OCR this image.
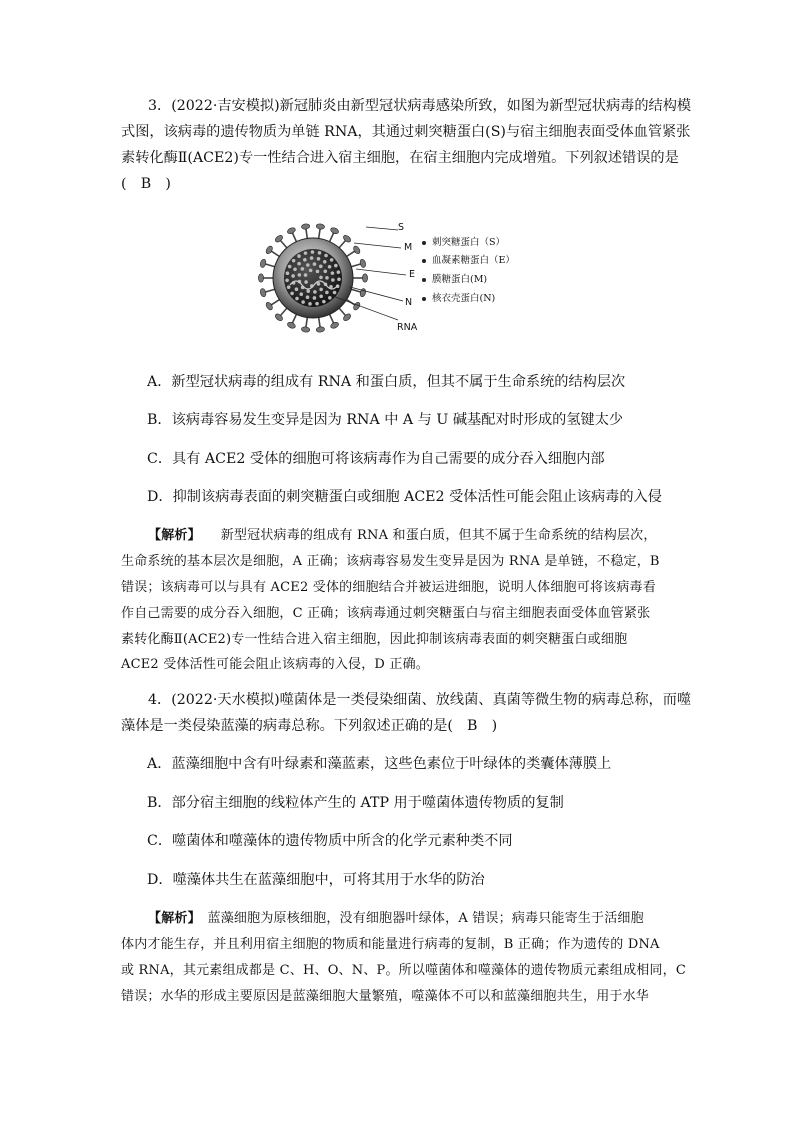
3．(2022·吉安模拟)新冠肺炎由新型冠状病毒感染所致，如图为新型冠状病毒的结构模
式图，该病毒的遗传物质为单链 RNA，其通过刺突糖蛋白(S)与宿主细胞表面受体血管紧张
素转化酶Ⅱ(ACE2)专一性结合进入宿主细胞，在宿主细胞内完成增殖。下列叙述错误的是
(　B　)
S
M
E
N
RNA
刺突糖蛋白（S）
血凝素糖蛋白（E）
膜糖蛋白(M)
核衣壳蛋白(N)
A．新型冠状病毒的组成有 RNA 和蛋白质，但其不属于生命系统的结构层次
B．该病毒容易发生变异是因为 RNA 中 A 与 U 碱基配对时形成的氢键太少
C．具有 ACE2 受体的细胞可将该病毒作为自己需要的成分吞入细胞内部
D．抑制该病毒表面的刺突糖蛋白或细胞 ACE2 受体活性可能会阻止该病毒的入侵
【解析】　  新型冠状病毒的组成有 RNA 和蛋白质，但其不属于生命系统的结构层次，
生命系统的基本层次是细胞，A 正确；该病毒容易发生变异是因为 RNA 是单链，不稳定，B
错误；该病毒可以与具有 ACE2 受体的细胞结合并被运进细胞，说明人体细胞可将该病毒看
作自己需要的成分吞入细胞，C 正确；该病毒通过刺突糖蛋白与宿主细胞表面受体血管紧张
素转化酶Ⅱ(ACE2)专一性结合进入宿主细胞，因此抑制该病毒表面的刺突糖蛋白或细胞
ACE2 受体活性可能会阻止该病毒的入侵，D 正确。
4．(2022·天水模拟)噬菌体是一类侵染细菌、放线菌、真菌等微生物的病毒总称，而噬
藻体是一类侵染蓝藻的病毒总称。下列叙述正确的是(　B　)
A．蓝藻细胞中含有叶绿素和藻蓝素，这些色素位于叶绿体的类囊体薄膜上
B．部分宿主细胞的线粒体产生的 ATP 用于噬菌体遗传物质的复制
C．噬菌体和噬藻体的遗传物质中所含的化学元素种类不同
D．噬藻体共生在蓝藻细胞中，可将其用于水华的防治
【解析】　 蓝藻细胞为原核细胞，没有细胞器叶绿体，A 错误；病毒只能寄生于活细胞
体内才能生存，并且利用宿主细胞的物质和能量进行病毒的复制，B 正确；作为遗传的 DNA
或 RNA，其元素组成都是 C、H、O、N、P。所以噬菌体和噬藻体的遗传物质元素组成相同，C
错误；水华的形成主要原因是蓝藻细胞大量繁殖，噬藻体不可以和蓝藻细胞共生，用于水华
